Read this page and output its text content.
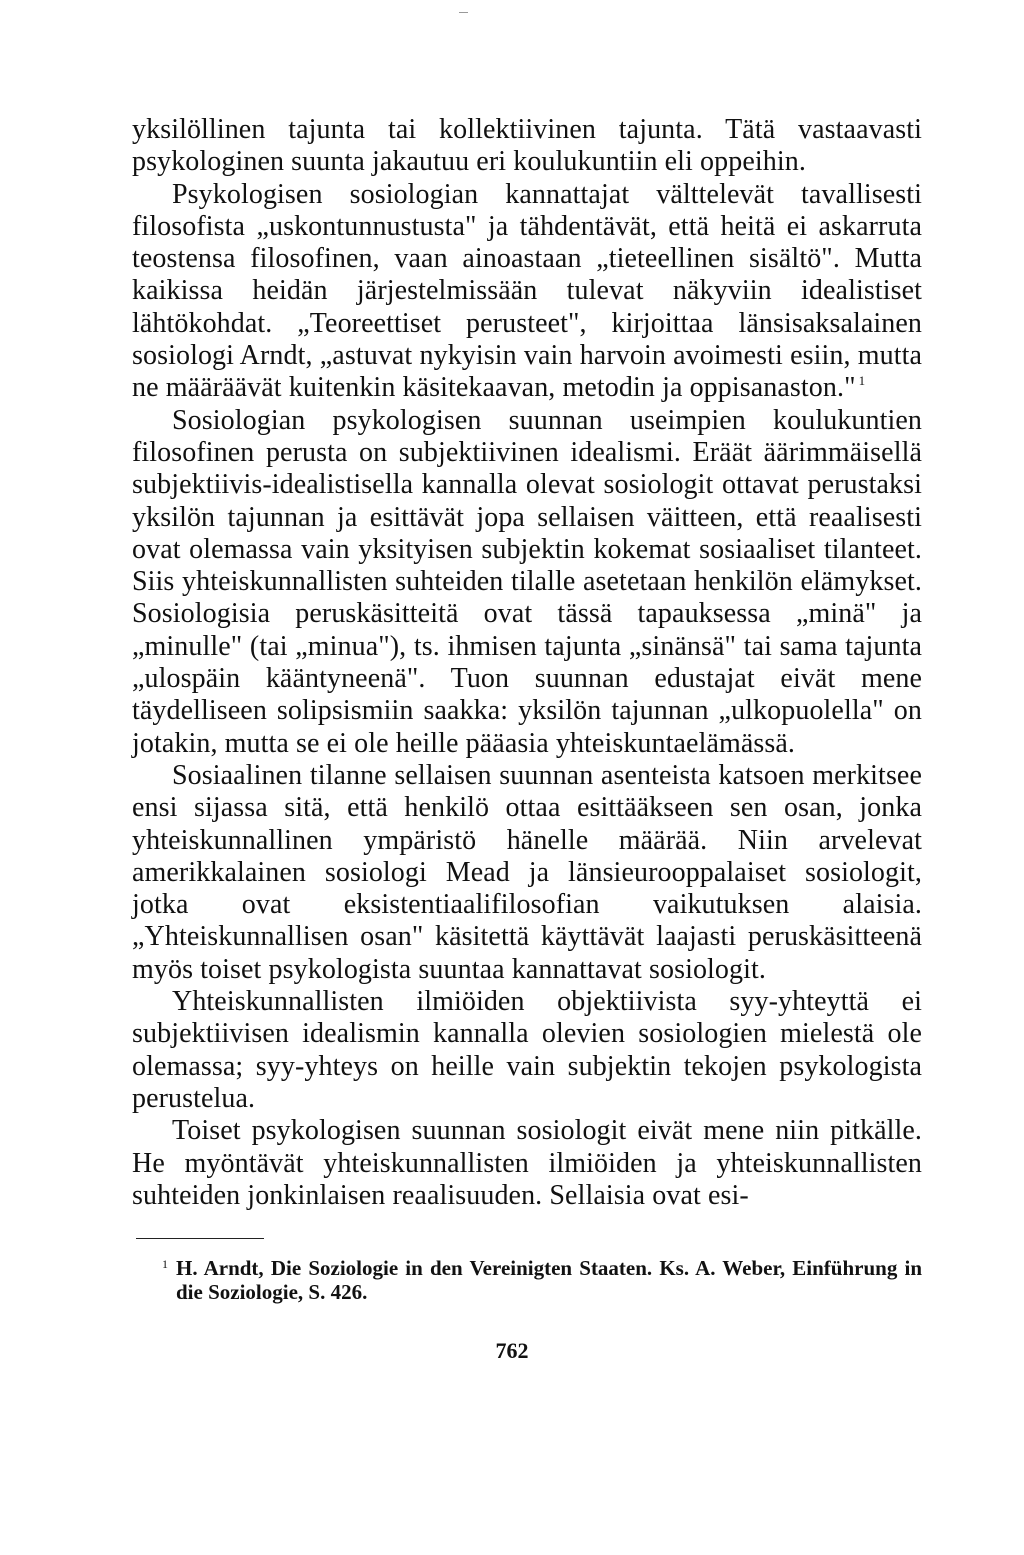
yksilöllinen tajunta tai kollektiivinen tajunta. Tätä vastaavasti psykologinen suunta jakautuu eri koulukuntiin eli oppeihin.

Psykologisen sosiologian kannattajat välttelevät tavallisesti filosofista „uskontunnustusta" ja tähdentävät, että heitä ei askarruta teostensa filosofinen, vaan ainoastaan „tieteellinen sisältö". Mutta kaikissa heidän järjestelmissään tulevat näkyviin idealistiset lähtökohdat. „Teoreettiset perusteet", kirjoittaa länsisaksalainen sosiologi Arndt, „astuvat nykyisin vain harvoin avoimesti esiin, mutta ne määräävät kuitenkin käsitekaavan, metodin ja oppisanaston." $^1$

Sosiologian psykologisen suunnan useimpien koulukuntien filosofinen perusta on subjektiivinen idealismi. Eräät äärimmäisellä subjektiivis-idealistisella kannalla olevat sosiologit ottavat perustaksi yksilön tajunnan ja esittävät jopa sellaisen väitteen, että reaalisesti ovat olemassa vain yksityisen subjektin kokemat sosiaaliset tilanteet. Siis yhteiskunnallisten suhteiden tilalle asetetaan henkilön elämykset. Sosiologisia peruskäsitteitä ovat tässä tapauksessa „minä" ja „minulle" (tai „minua"), ts. ihmisen tajunta „sinänsä" tai sama tajunta „ulospäin kääntyneenä". Tuon suunnan edustajat eivät mene täydelliseen solipsismiin saakka: yksilön tajunnan „ulkopuolella" on jotakin, mutta se ei ole heille pääasia yhteiskuntaelämässä.

Sosiaalinen tilanne sellaisen suunnan asenteista katsoen merkitsee ensi sijassa sitä, että henkilö ottaa esittääkseen sen osan, jonka yhteiskunnallinen ympäristö hänelle määrää. Niin arvelevat amerikkalainen sosiologi Mead ja länsieurooppalaiset sosiologit, jotka ovat eksistentiaalifilosofian vaikutuksen alaisia. „Yhteiskunnallisen osan" käsitettä käyttävät laajasti peruskäsitteenä myös toiset psykologista suuntaa kannattavat sosiologit.

Yhteiskunnallisten ilmiöiden objektiivista syy-yhteyttä ei subjektiivisen idealismin kannalla olevien sosiologien mielestä ole olemassa; syy-yhteys on heille vain subjektin tekojen psykologista perustelua.

Toiset psykologisen suunnan sosiologit eivät mene niin pitkälle. He myöntävät yhteiskunnallisten ilmiöiden ja yhteiskunnallisten suhteiden jonkinlaisen reaalisuuden. Sellaisia ovat esi-

1 H. Arndt, Die Soziologie in den Vereinigten Staaten. Ks. A. Weber, Einführung in die Soziologie, S. 426.
762
